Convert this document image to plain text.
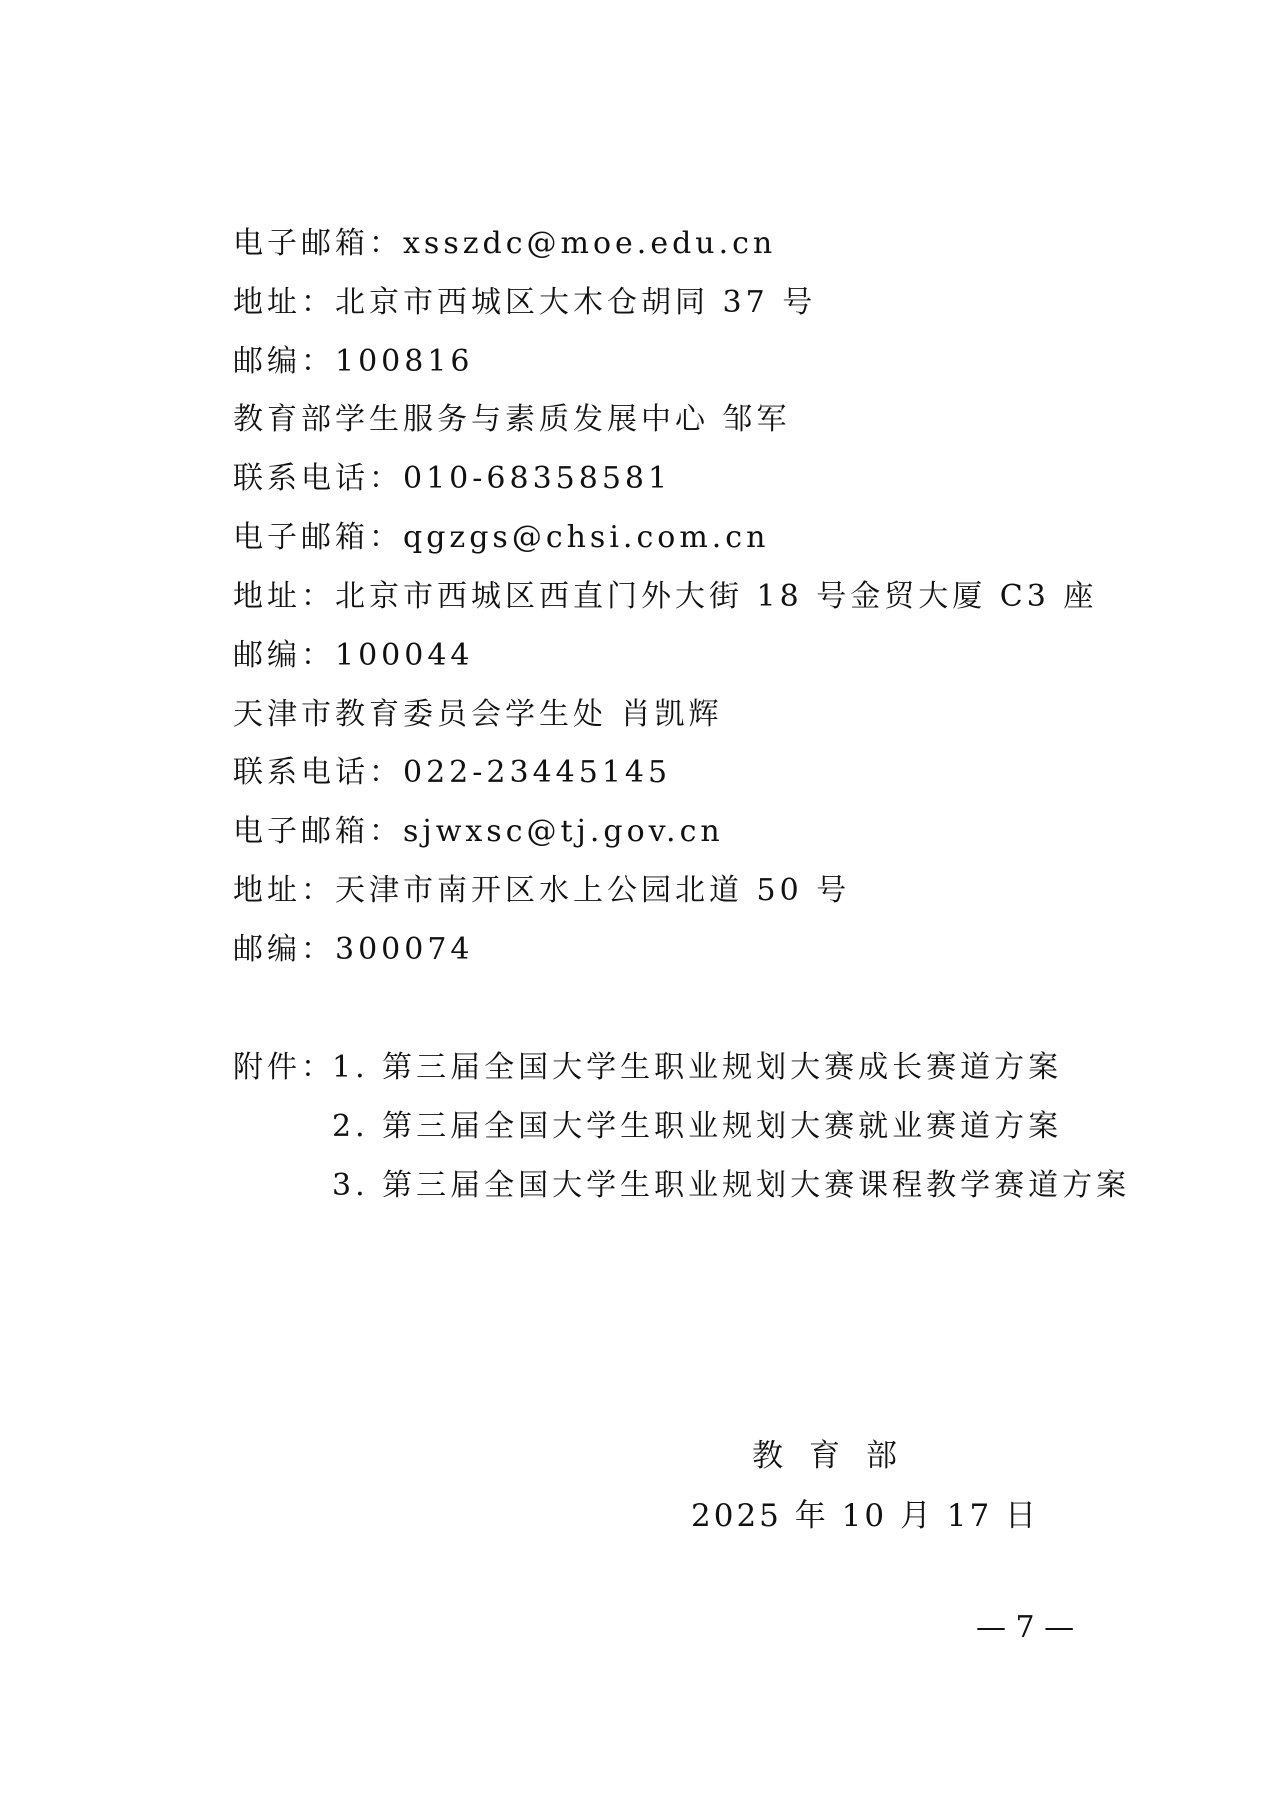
电子邮箱：xsszdc@moe.edu.cn
地址：北京市西城区大木仓胡同 37 号
邮编：100816
教育部学生服务与素质发展中心 邹军
联系电话：010-68358581
电子邮箱：qgzgs@chsi.com.cn
地址：北京市西城区西直门外大街 18 号金贸大厦 C3 座
邮编：100044
天津市教育委员会学生处 肖凯辉
联系电话：022-23445145
电子邮箱：sjwxsc@tj.gov.cn
地址：天津市南开区水上公园北道 50 号
邮编：300074
附件：
1. 第三届全国大学生职业规划大赛成长赛道方案
2. 第三届全国大学生职业规划大赛就业赛道方案
3. 第三届全国大学生职业规划大赛课程教学赛道方案
教育部
2025 年 10 月 17 日
— 7 —
